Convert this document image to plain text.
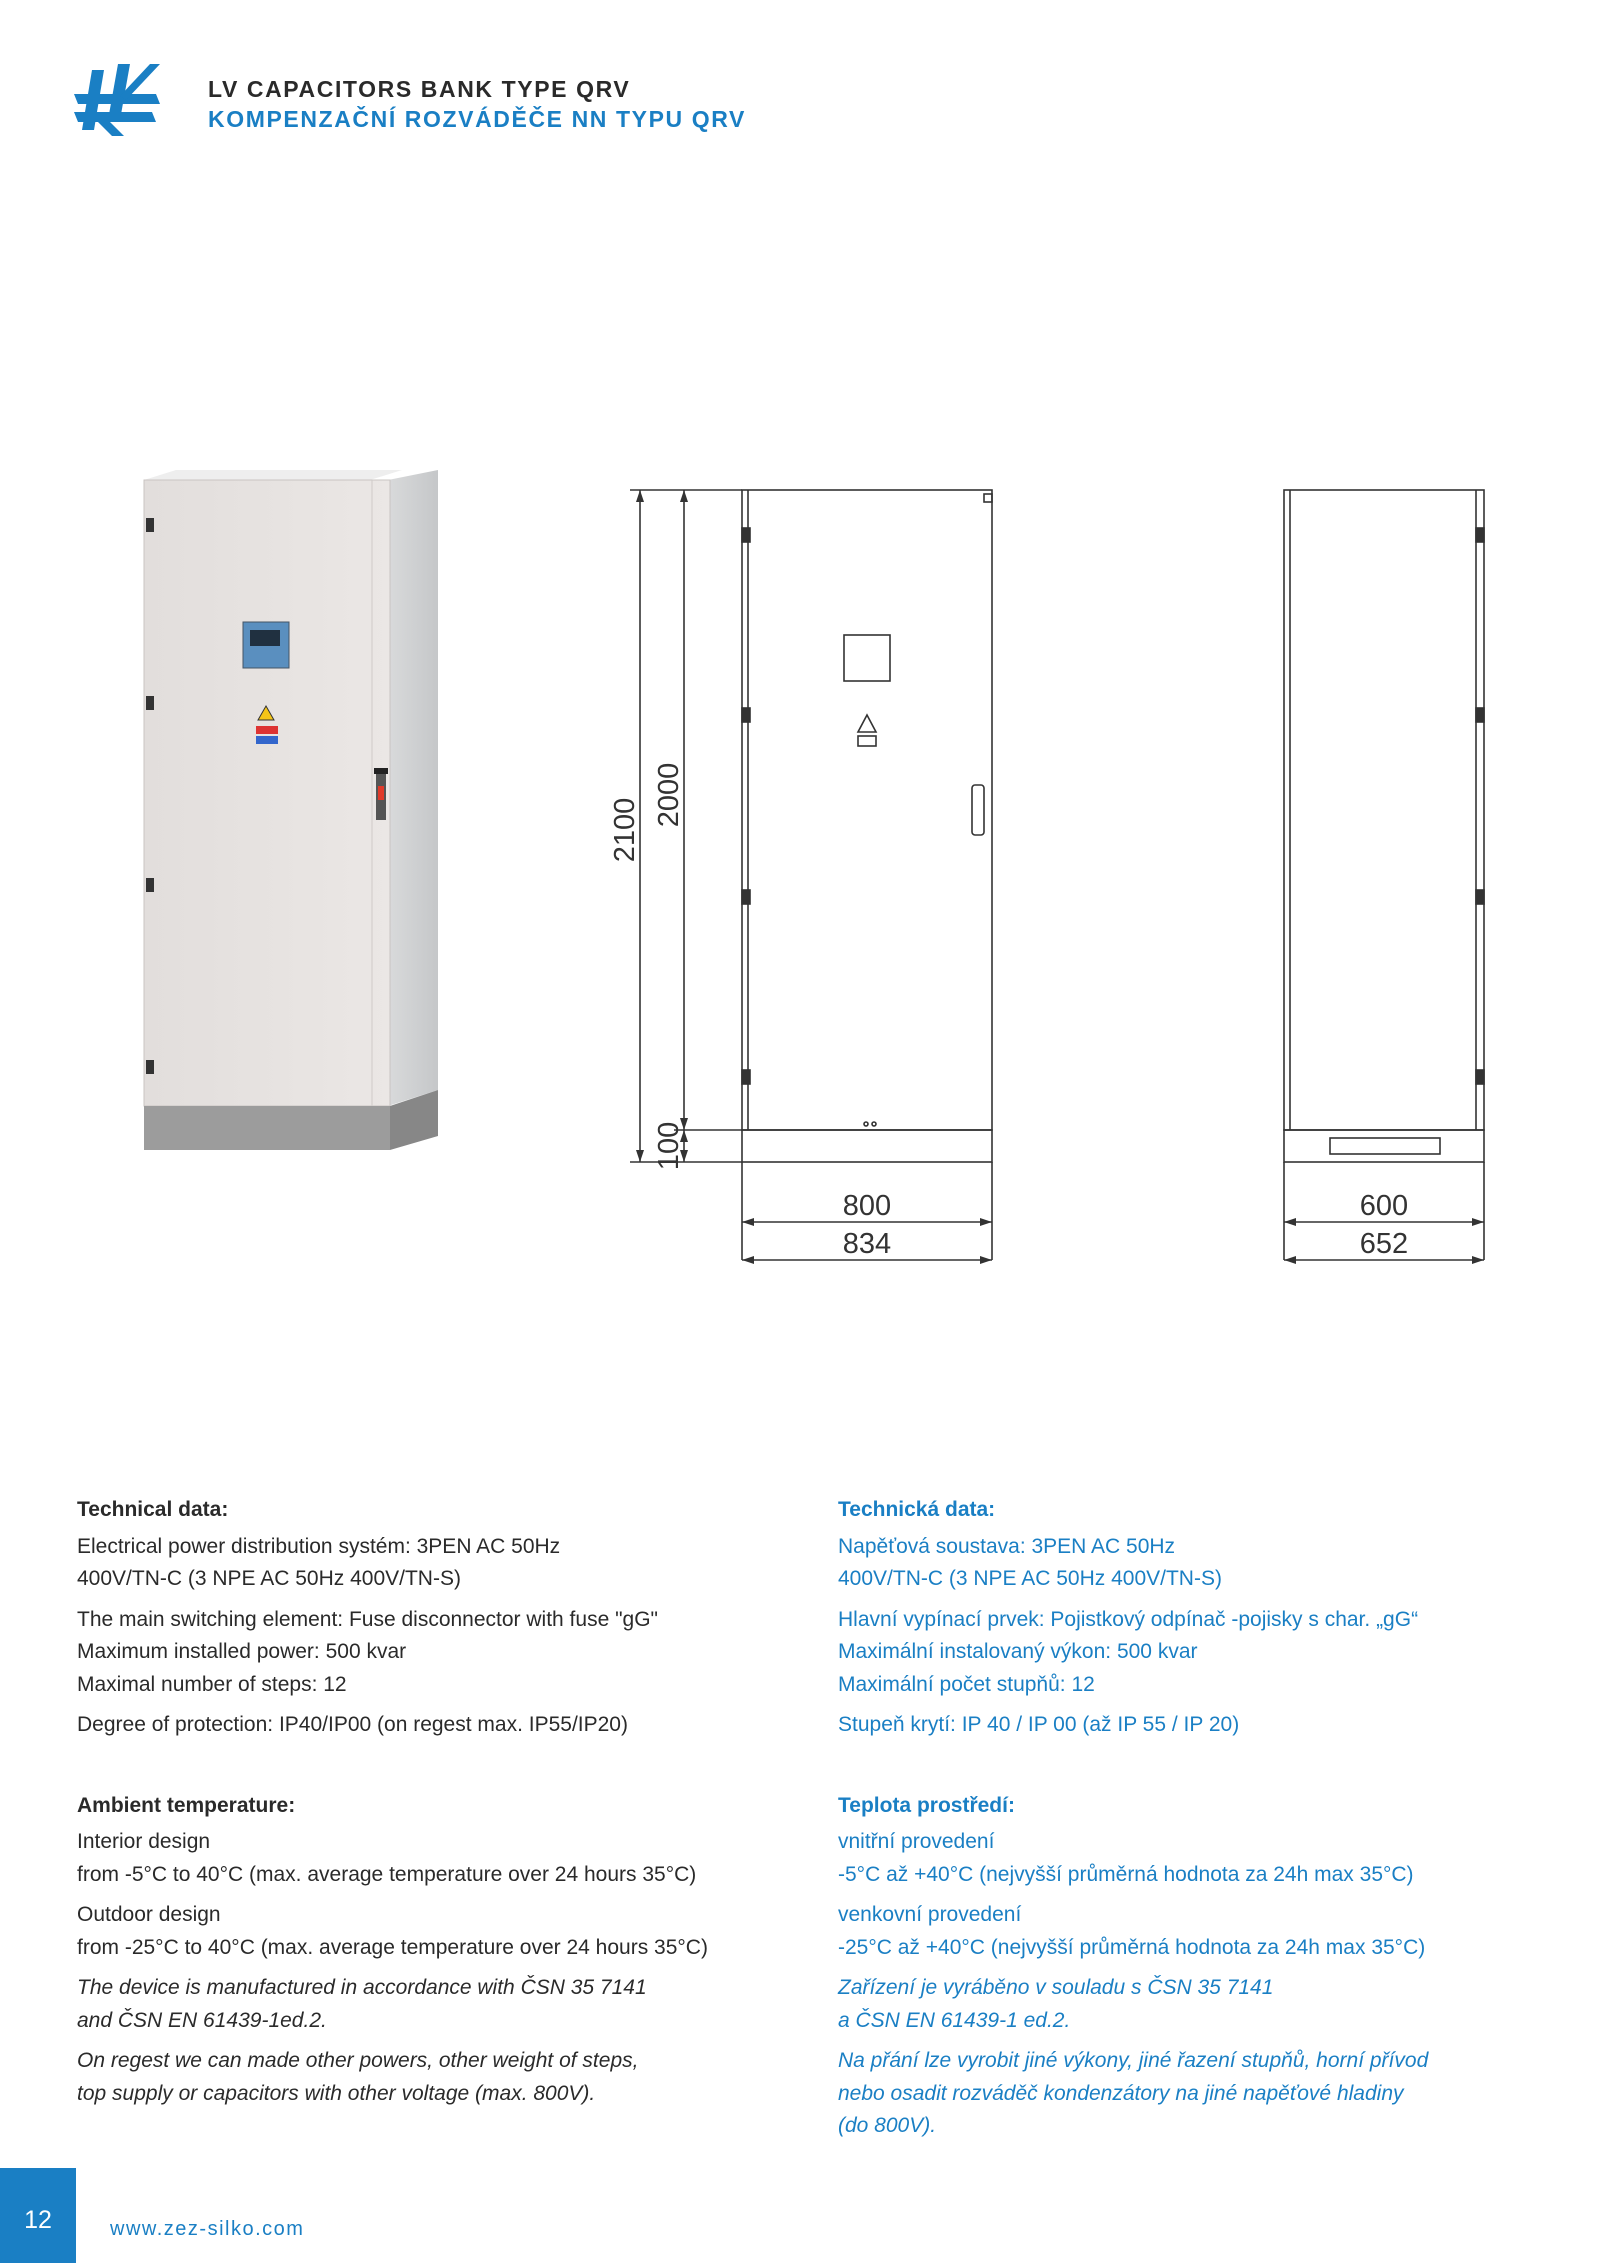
LV CAPACITORS BANK TYPE QRV
KOMPENZAČNÍ ROZVÁDĚČE NN TYPU QRV
2100
2000
100
800
834
600
652

Technical data:

Electrical power distribution systém: 3PEN AC 50Hz

400V/TN-C (3 NPE AC 50Hz 400V/TN-S)

The main switching element: Fuse disconnector with fuse "gG"

Maximum installed power: 500 kvar

Maximal number of steps: 12

Degree of protection: IP40/IP00 (on regest max. IP55/IP20)

Ambient temperature:

Interior design

from -5°C to 40°C (max. average temperature over 24 hours 35°C)

Outdoor design

from -25°C to 40°C (max. average temperature over 24 hours 35°C)

The device is manufactured in accordance with ČSN 35 7141

and ČSN EN 61439-1ed.2.

On regest we can made other powers, other weight of steps,

top supply or capacitors with other voltage (max. 800V).

Technická data:

Napěťová soustava: 3PEN AC 50Hz

400V/TN-C (3 NPE AC 50Hz 400V/TN-S)

Hlavní vypínací prvek: Pojistkový odpínač -pojisky s char. „gG“

Maximální instalovaný výkon: 500 kvar

Maximální počet stupňů: 12

Stupeň krytí: IP 40 / IP 00 (až IP 55 / IP 20)

Teplota prostředí:

vnitřní provedení

-5°C až +40°C (nejvyšší průměrná hodnota za 24h max 35°C)

venkovní provedení

-25°C až +40°C (nejvyšší průměrná hodnota za 24h max 35°C)

Zařízení je vyráběno v souladu s ČSN 35 7141

a ČSN EN 61439-1 ed.2.

Na přání lze vyrobit jiné výkony, jiné řazení stupňů, horní přívod

nebo osadit rozváděč kondenzátory na jiné napěťové hladiny

(do 800V).

12	www.zez-silko.com
